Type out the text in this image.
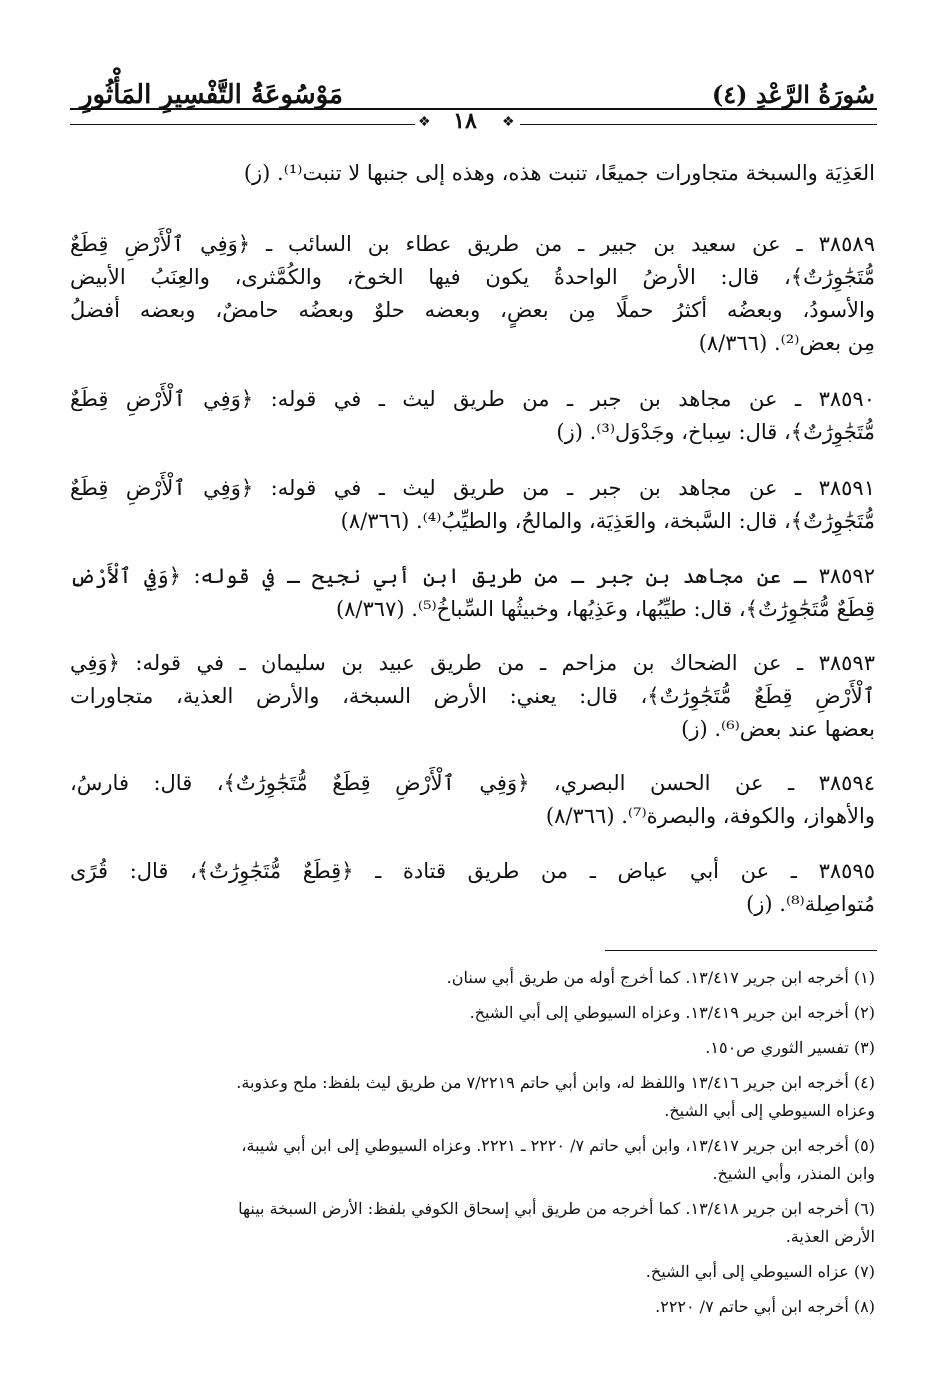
سُورَةُ الرَّعْدِ (٤)
مَوْسُوعَةُ التَّفْسِيرِ المَأْثُورِ
❖	❖
١٨
العَذِيَة والسبخة متجاورات جميعًا، تنبت هذه، وهذه إلى جنبها لا تنبت⁽¹⁾. (ز)
٣٨٥٨٩ ـ عن سعيد بن جبير ـ من طريق عطاء بن السائب ـ ﴿وَفِي ٱلْأَرْضِ قِطَعٌ
مُّتَجَٰوِرَٰتٌ﴾، قال: الأرضُ الواحدةُ يكون فيها الخوخ، والكُمَّثرى، والعِنَبُ الأبيض
والأسودُ، وبعضُه أكثرُ حملًا مِن بعضٍ، وبعضه حلوٌ وبعضُه حامضٌ، وبعضه أفضلُ
مِن بعض⁽²⁾. (٨/٣٦٦)
٣٨٥٩٠ ـ عن مجاهد بن جبر ـ من طريق ليث ـ في قوله: ﴿وَفِي ٱلْأَرْضِ قِطَعٌ
مُّتَجَٰوِرَٰتٌ﴾، قال: سِباخ، وجَدْوَل⁽³⁾. (ز)
٣٨٥٩١ ـ عن مجاهد بن جبر ـ من طريق ليث ـ في قوله: ﴿وَفِي ٱلْأَرْضِ قِطَعٌ
مُّتَجَٰوِرَٰتٌ﴾، قال: السَّبخة، والعَذِيَة، والمالحُ، والطيِّبُ⁽⁴⁾. (٨/٣٦٦)
٣٨٥٩٢ ـ عن مجاهد بن جبر ـ من طريق ابن أبي نجيح ـ في قوله: ﴿وَفِي ٱلْأَرْضِ
قِطَعٌ مُّتَجَٰوِرَٰتٌ﴾، قال: طيِّبُها، وعَذِيُها، وخبيثُها السِّباخُ⁽⁵⁾. (٨/٣٦٧)
٣٨٥٩٣ ـ عن الضحاك بن مزاحم ـ من طريق عبيد بن سليمان ـ في قوله: ﴿وَفِي
ٱلْأَرْضِ قِطَعٌ مُّتَجَٰوِرَٰتٌ﴾، قال: يعني: الأرض السبخة، والأرض العذية، متجاورات
بعضها عند بعض⁽⁶⁾. (ز)
٣٨٥٩٤ ـ عن الحسن البصري، ﴿وَفِي ٱلْأَرْضِ قِطَعٌ مُّتَجَٰوِرَٰتٌ﴾، قال: فارسُ،
والأهواز، والكوفة، والبصرة⁽⁷⁾. (٨/٣٦٦)
٣٨٥٩٥ ـ عن أبي عياض ـ من طريق قتادة ـ ﴿قِطَعٌ مُّتَجَٰوِرَٰتٌ﴾، قال: قُرًى
مُتواصِلة⁽⁸⁾. (ز)
(١) أخرجه ابن جرير ١٣/٤١٧. كما أخرج أوله من طريق أبي سنان.
(٢) أخرجه ابن جرير ١٣/٤١٩. وعزاه السيوطي إلى أبي الشيخ.
(٣) تفسير الثوري ص١٥٠.
(٤) أخرجه ابن جرير ١٣/٤١٦ واللفظ له، وابن أبي حاتم ٧/٢٢١٩ من طريق ليث بلفظ: ملح وعذوبة.
وعزاه السيوطي إلى أبي الشيخ.
(٥) أخرجه ابن جرير ١٣/٤١٧، وابن أبي حاتم ٧/ ٢٢٢٠ ـ ٢٢٢١. وعزاه السيوطي إلى ابن أبي شيبة،
وابن المنذر، وأبي الشيخ.
(٦) أخرجه ابن جرير ١٣/٤١٨. كما أخرجه من طريق أبي إسحاق الكوفي بلفظ: الأرض السبخة بينها
الأرض العذية.
(٧) عزاه السيوطي إلى أبي الشيخ.
(٨) أخرجه ابن أبي حاتم ٧/ ٢٢٢٠.
